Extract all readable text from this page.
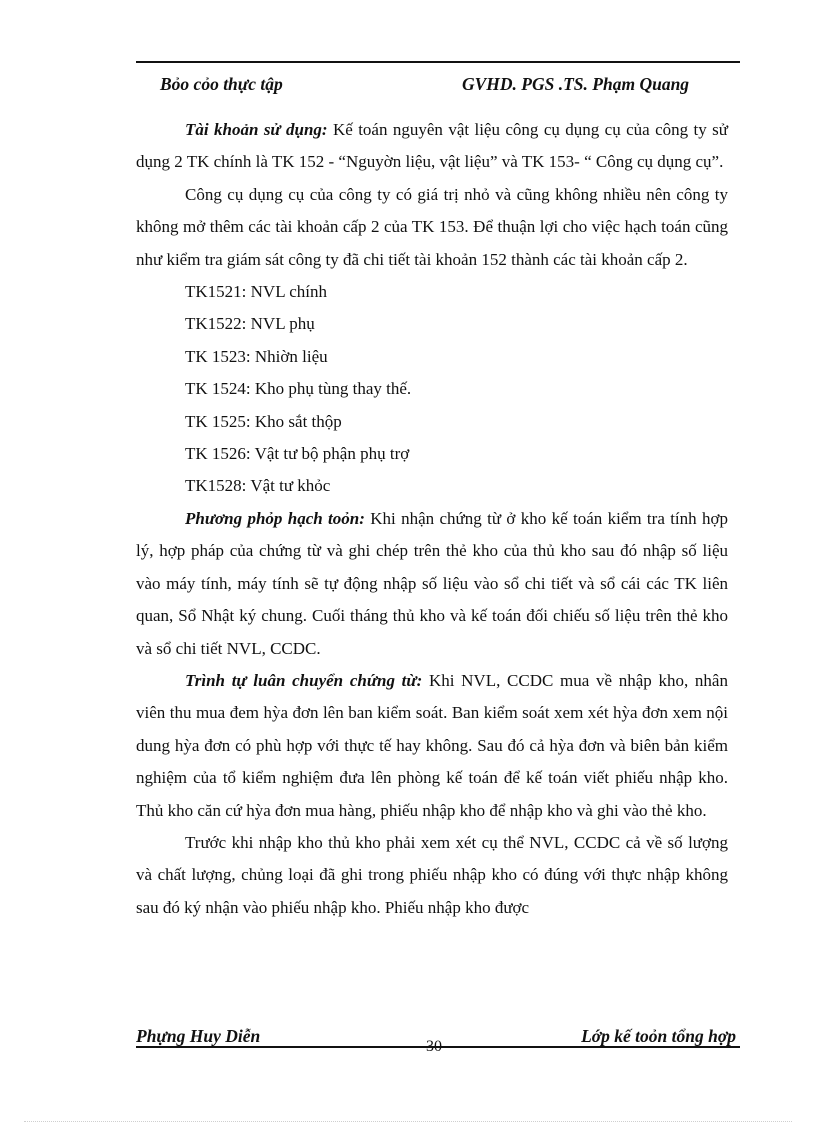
Bỏo cỏo thực tập	GVHD. PGS .TS. Phạm Quang

Tài khoản sử dụng: Kế toán nguyên vật liệu công cụ dụng cụ của công ty sử dụng 2 TK chính là TK 152 - “Nguyờn liệu, vật liệu” và TK 153- “ Công cụ dụng cụ”.

Công cụ dụng cụ của công ty có giá trị nhỏ và cũng không nhiều nên công ty không mở thêm các tài khoản cấp 2 của TK 153. Để thuận lợi cho việc hạch toán cũng như kiểm tra giám sát công ty đã chi tiết tài khoản 152 thành các tài khoản cấp 2.

TK1521: NVL chính

TK1522: NVL phụ

TK 1523: Nhiờn liệu

TK 1524: Kho phụ tùng thay thế.

TK 1525: Kho sắt thộp

TK 1526: Vật tư bộ phận phụ trợ

TK1528: Vật tư khỏc

Phương phỏp hạch toỏn: Khi nhận chứng từ ở kho kế toán kiểm tra tính hợp lý, hợp pháp của chứng từ và ghi chép trên thẻ kho của thủ kho sau đó nhập số liệu vào máy tính, máy tính sẽ tự động nhập số liệu vào sổ chi tiết và sổ cái các TK liên quan, Sổ Nhật ký chung. Cuối tháng thủ kho và kế toán đối chiếu số liệu trên thẻ kho và sổ chi tiết NVL, CCDC.

Trình tự luân chuyển chứng từ: Khi NVL, CCDC mua về nhập kho, nhân viên thu mua đem hỳa đơn lên ban kiểm soát. Ban kiểm soát xem xét hỳa đơn xem nội dung hỳa đơn có phù hợp với thực tế hay không. Sau đó cả hỳa đơn và biên bản kiểm nghiệm của tổ kiểm nghiệm đưa lên phòng kế toán để kế toán viết phiếu nhập kho. Thủ kho căn cứ hỳa đơn mua hàng, phiếu nhập kho để nhập kho và ghi vào thẻ kho.

Trước khi nhập kho thủ kho phải xem xét cụ thể NVL, CCDC cả về số lượng và chất lượng, chủng loại đã ghi trong phiếu nhập kho có đúng với thực nhập không sau đó ký nhận vào phiếu nhập kho. Phiếu nhập kho được

Phựng Huy Diễn	Lớp kế toỏn tổng hợp
30
